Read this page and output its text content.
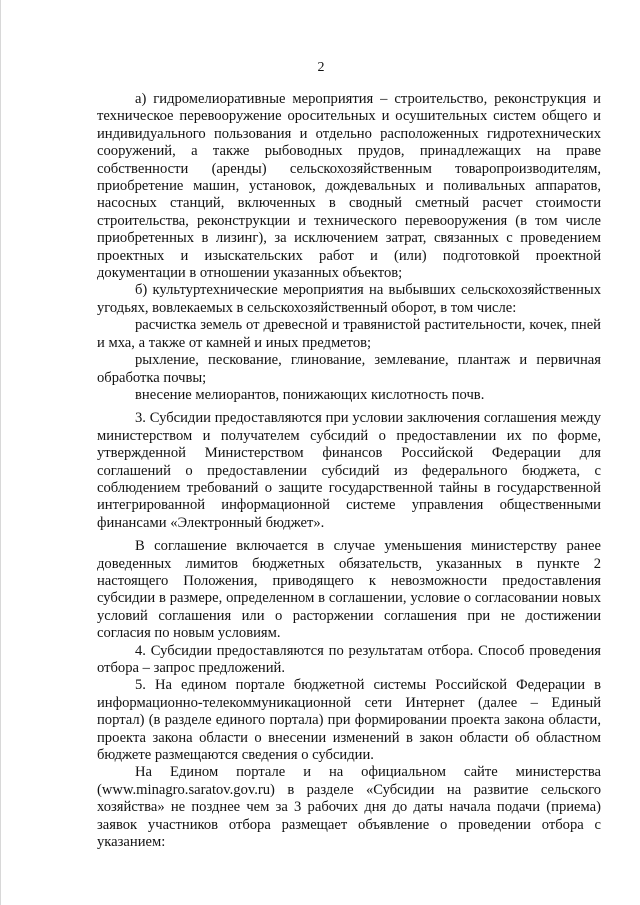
2

а) гидромелиоративные мероприятия – строительство, реконструкция и техническое перевооружение оросительных и осушительных систем общего и индивидуального пользования и отдельно расположенных гидротехнических сооружений, а также рыбоводных прудов, принадлежащих на праве собственности (аренды) сельскохозяйственным товаропроизводителям, приобретение машин, установок, дождевальных и поливальных аппаратов, насосных станций, включенных в сводный сметный расчет стоимости строительства, реконструкции и технического перевооружения (в том числе приобретенных в лизинг), за исключением затрат, связанных с проведением проектных и изыскательских работ и (или) подготовкой проектной документации в отношении указанных объектов;

б) культуртехнические мероприятия на выбывших сельскохозяйственных угодьях, вовлекаемых в сельскохозяйственный оборот, в том числе:

расчистка земель от древесной и травянистой растительности, кочек, пней и мха, а также от камней и иных предметов;

рыхление, пескование, глинование, землевание, плантаж и первичная обработка почвы;

внесение мелиорантов, понижающих кислотность почв.

3. Субсидии предоставляются при условии заключения соглашения между министерством и получателем субсидий о предоставлении их по форме, утвержденной Министерством финансов Российской Федерации для соглашений о предоставлении субсидий из федерального бюджета, с соблюдением требований о защите государственной тайны в государственной интегрированной информационной системе управления общественными финансами «Электронный бюджет».

В соглашение включается в случае уменьшения министерству ранее доведенных лимитов бюджетных обязательств, указанных в пункте 2 настоящего Положения, приводящего к невозможности предоставления субсидии в размере, определенном в соглашении, условие о согласовании новых условий соглашения или о расторжении соглашения при не достижении согласия по новым условиям.

4. Субсидии предоставляются по результатам отбора. Способ проведения отбора – запрос предложений.

5. На едином портале бюджетной системы Российской Федерации в информационно-телекоммуникационной сети Интернет (далее – Единый портал) (в разделе единого портала) при формировании проекта закона области, проекта закона области о внесении изменений в закон области об областном бюджете размещаются сведения о субсидии.

На Едином портале и на официальном сайте министерства (www.minagro.saratov.gov.ru) в разделе «Субсидии на развитие сельского хозяйства» не позднее чем за 3 рабочих дня до даты начала подачи (приема) заявок участников отбора размещает объявление о проведении отбора с указанием:
